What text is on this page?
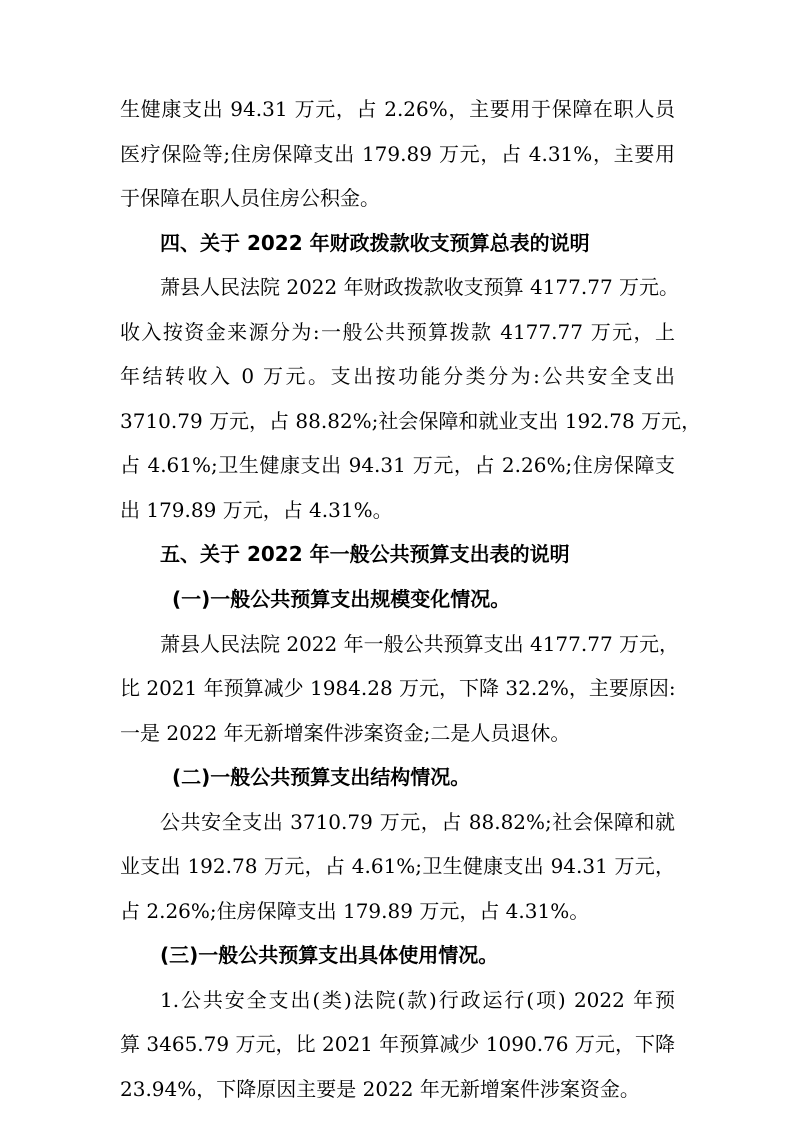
生健康支出 94.31 万元，占 2.26%，主要用于保障在职人员
医疗保险等;住房保障支出 179.89 万元，占 4.31%，主要用
于保障在职人员住房公积金。
四、关于 2022 年财政拨款收支预算总表的说明
萧县人民法院 2022 年财政拨款收支预算 4177.77 万元。
收入按资金来源分为:一般公共预算拨款 4177.77 万元，上
年结转收入 0 万元。支出按功能分类分为:公共安全支出
3710.79 万元，占 88.82%;社会保障和就业支出 192.78 万元，
占 4.61%;卫生健康支出 94.31 万元，占 2.26%;住房保障支
出 179.89 万元，占 4.31%。
五、关于 2022 年一般公共预算支出表的说明
(一)一般公共预算支出规模变化情况。
萧县人民法院 2022 年一般公共预算支出 4177.77 万元，
比 2021 年预算减少 1984.28 万元，下降 32.2%，主要原因:
一是 2022 年无新增案件涉案资金;二是人员退休。
(二)一般公共预算支出结构情况。
公共安全支出 3710.79 万元，占 88.82%;社会保障和就
业支出 192.78 万元，占 4.61%;卫生健康支出 94.31 万元，
占 2.26%;住房保障支出 179.89 万元，占 4.31%。
(三)一般公共预算支出具体使用情况。
1.公共安全支出(类)法院(款)行政运行(项) 2022 年预
算 3465.79 万元，比 2021 年预算减少 1090.76 万元，下降
23.94%，下降原因主要是 2022 年无新增案件涉案资金。
